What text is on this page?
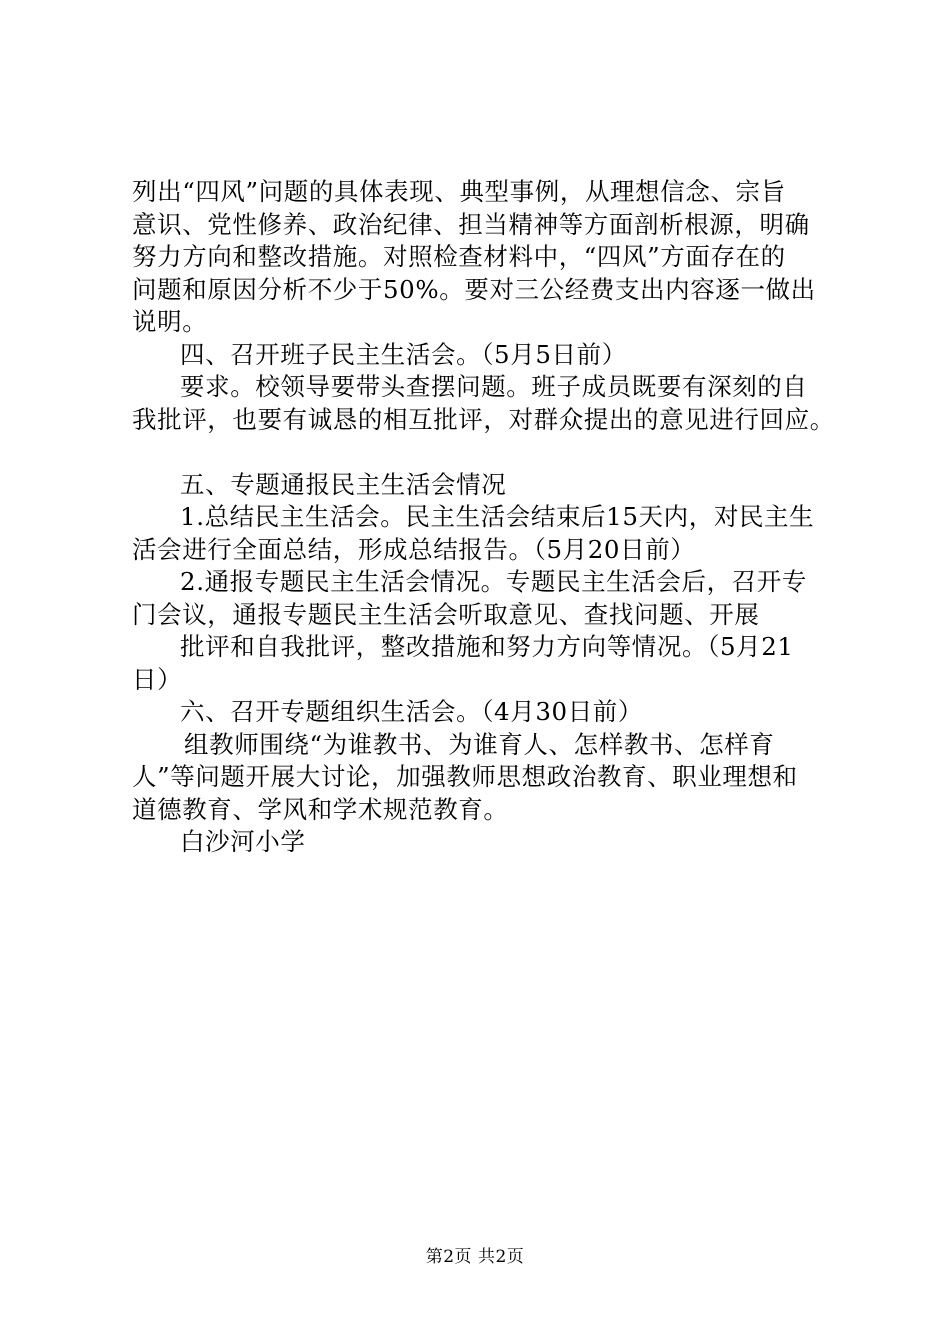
列出“四风”问题的具体表现、典型事例，从理想信念、宗旨
意识、党性修养、政治纪律、担当精神等方面剖析根源，明确
努力方向和整改措施。对照检查材料中，“四风”方面存在的
问题和原因分析不少于50%。要对三公经费支出内容逐一做出
说明。
四、召开班子民主生活会。（5月5日前）
要求。校领导要带头查摆问题。班子成员既要有深刻的自
我批评，也要有诚恳的相互批评，对群众提出的意见进行回应。
五、专题通报民主生活会情况
1.总结民主生活会。民主生活会结束后15天内，对民主生
活会进行全面总结，形成总结报告。（5月20日前）
2.通报专题民主生活会情况。专题民主生活会后，召开专
门会议，通报专题民主生活会听取意见、查找问题、开展
批评和自我批评，整改措施和努力方向等情况。（5月21
日）
六、召开专题组织生活会。（4月30日前）
组教师围绕“为谁教书、为谁育人、怎样教书、怎样育
人”等问题开展大讨论，加强教师思想政治教育、职业理想和
道德教育、学风和学术规范教育。
白沙河小学
第2页 共2页
